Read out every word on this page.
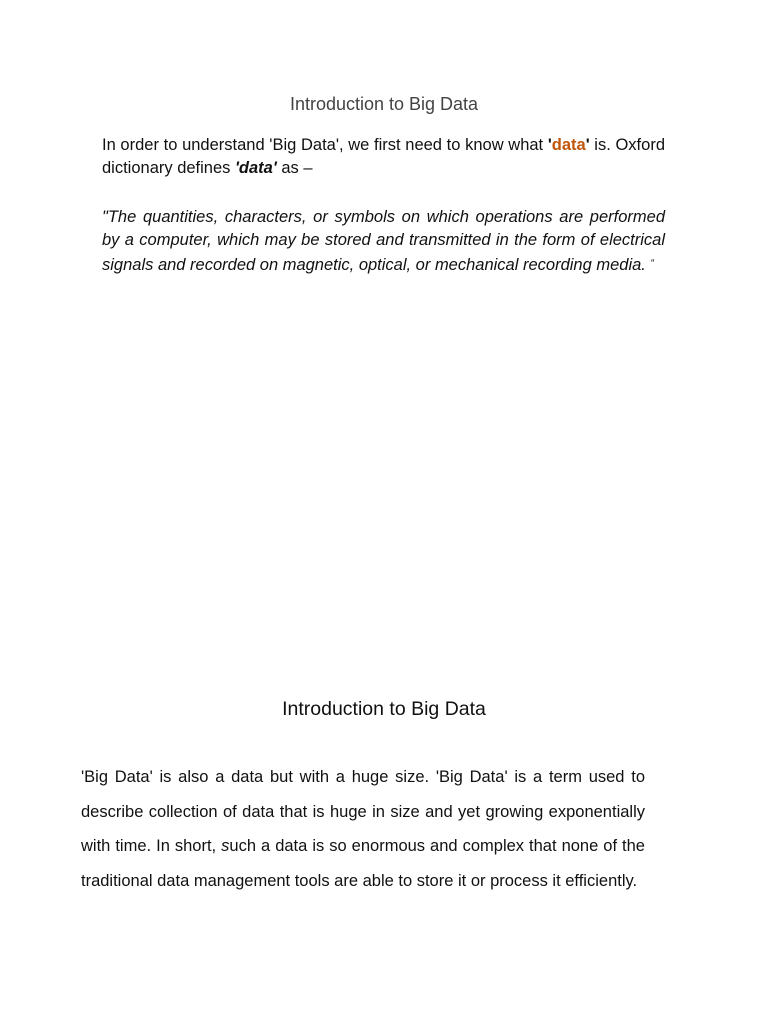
Introduction to Big Data

In order to understand 'Big Data', we first need to know what 'data' is. Oxford dictionary defines 'data' as –

"The quantities, characters, or symbols on which operations are performed by a computer, which may be stored and transmitted in the form of electrical signals and recorded on magnetic, optical, or mechanical recording media. “

Introduction to Big Data

'Big Data' is also a data but with a huge size. 'Big Data' is a term used to describe collection of data that is huge in size and yet growing exponentially with time. In short, such a data is so enormous and complex that none of the traditional data management tools are able to store it or process it efficiently.
